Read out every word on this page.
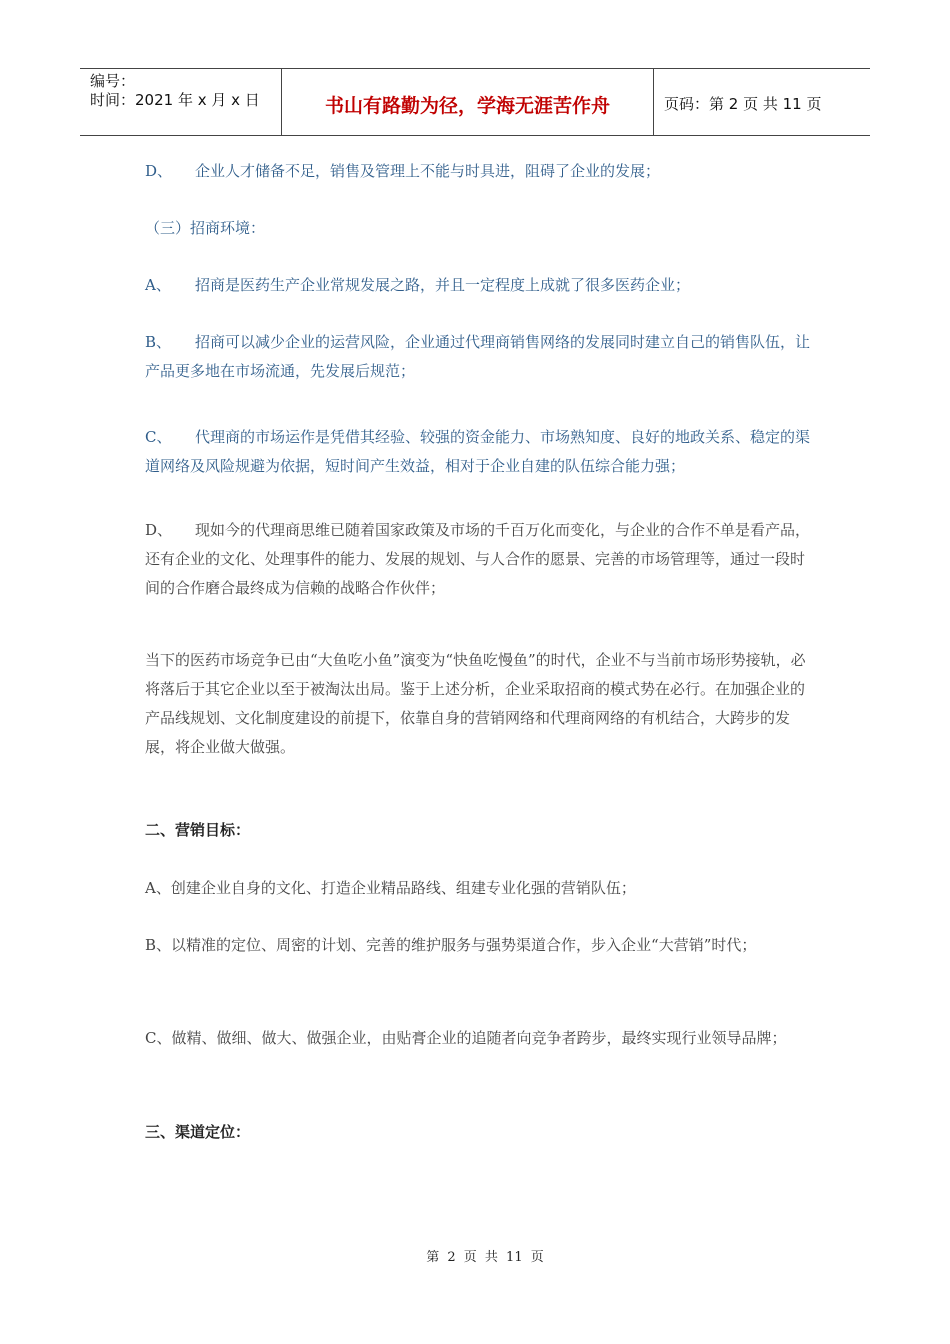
编号：
时间：2021 年 x 月 x 日	书山有路勤为径，学海无涯苦作舟	页码：第 2 页 共 11 页

D、 企业人才储备不足，销售及管理上不能与时具进，阻碍了企业的发展；

（三）招商环境：

A、 招商是医药生产企业常规发展之路，并且一定程度上成就了很多医药企业；

B、 招商可以减少企业的运营风险，企业通过代理商销售网络的发展同时建立自己的销售队伍，让产品更多地在市场流通，先发展后规范；

C、 代理商的市场运作是凭借其经验、较强的资金能力、市场熟知度、良好的地政关系、稳定的渠道网络及风险规避为依据，短时间产生效益，相对于企业自建的队伍综合能力强；

D、 现如今的代理商思维已随着国家政策及市场的千百万化而变化，与企业的合作不单是看产品，还有企业的文化、处理事件的能力、发展的规划、与人合作的愿景、完善的市场管理等，通过一段时间的合作磨合最终成为信赖的战略合作伙伴；

当下的医药市场竞争已由“大鱼吃小鱼”演变为“快鱼吃慢鱼”的时代，企业不与当前市场形势接轨，必将落后于其它企业以至于被淘汰出局。鉴于上述分析，企业采取招商的模式势在必行。在加强企业的产品线规划、文化制度建设的前提下，依靠自身的营销网络和代理商网络的有机结合，大跨步的发展，将企业做大做强。

二、营销目标：

A、创建企业自身的文化、打造企业精品路线、组建专业化强的营销队伍；

B、以精准的定位、周密的计划、完善的维护服务与强势渠道合作，步入企业“大营销”时代；

C、做精、做细、做大、做强企业，由贴膏企业的追随者向竞争者跨步，最终实现行业领导品牌；

三、渠道定位：

第 2 页 共 11 页
